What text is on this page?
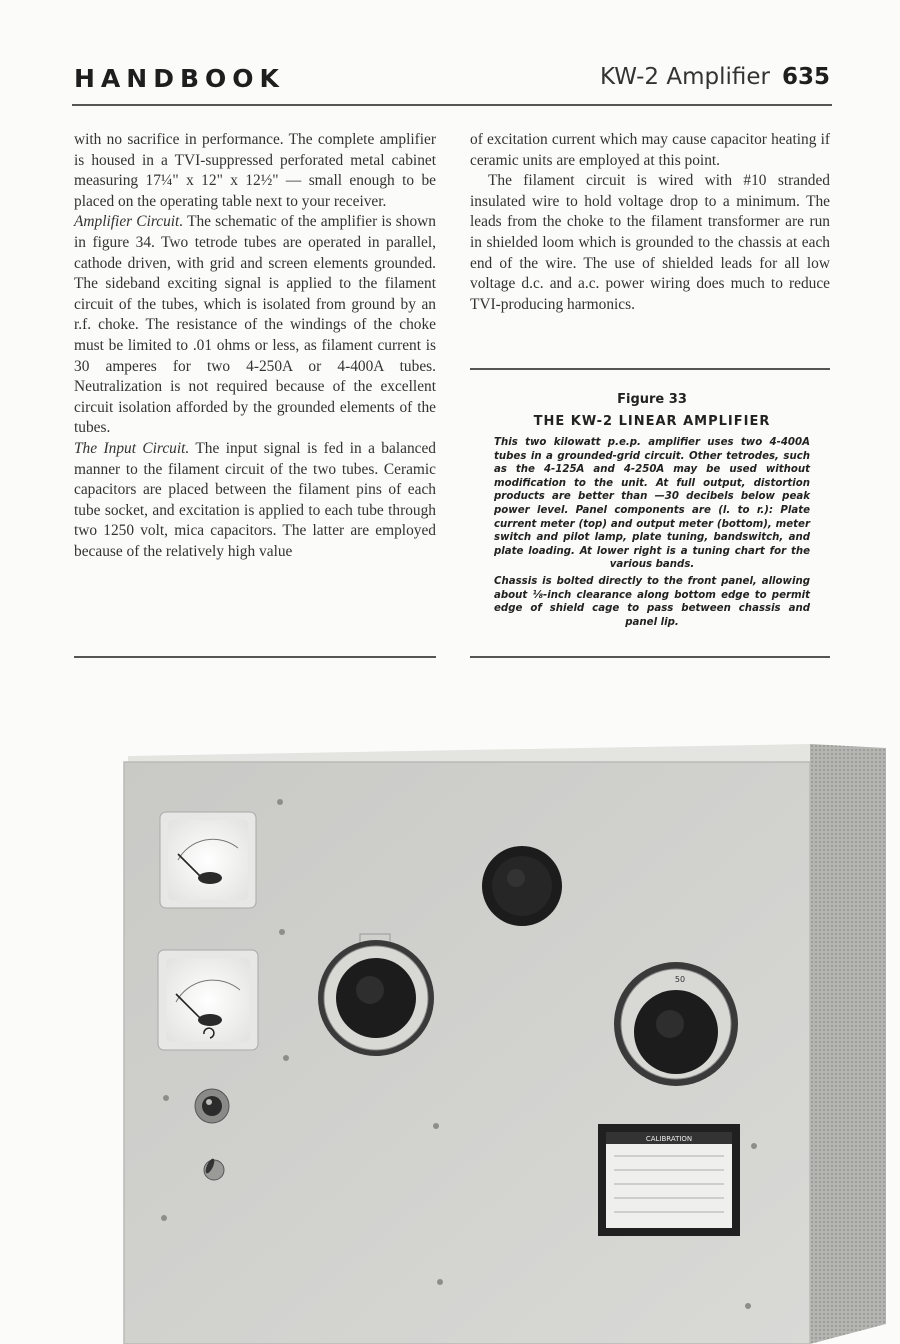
HANDBOOK	KW-2 Amplifier 635

with no sacrifice in performance. The complete amplifier is housed in a TVI-suppressed perforated metal cabinet measuring 17¼" x 12" x 12½" — small enough to be placed on the operating table next to your receiver.

Amplifier Circuit. The schematic of the amplifier is shown in figure 34. Two tetrode tubes are operated in parallel, cathode driven, with grid and screen elements grounded. The sideband exciting signal is applied to the filament circuit of the tubes, which is isolated from ground by an r.f. choke. The resistance of the windings of the choke must be limited to .01 ohms or less, as filament current is 30 amperes for two 4-250A or 4-400A tubes. Neutralization is not required because of the excellent circuit isolation afforded by the grounded elements of the tubes.

The Input Circuit. The input signal is fed in a balanced manner to the filament circuit of the two tubes. Ceramic capacitors are placed between the filament pins of each tube socket, and excitation is applied to each tube through two 1250 volt, mica capacitors. The latter are employed because of the relatively high value

of excitation current which may cause capacitor heating if ceramic units are employed at this point.

The filament circuit is wired with #10 stranded insulated wire to hold voltage drop to a minimum. The leads from the choke to the filament transformer are run in shielded loom which is grounded to the chassis at each end of the wire. The use of shielded leads for all low voltage d.c. and a.c. power wiring does much to reduce TVI-producing harmonics.

Figure 33
THE KW-2 LINEAR AMPLIFIER
This two kilowatt p.e.p. amplifier uses two 4-400A tubes in a grounded-grid circuit. Other tetrodes, such as the 4-125A and 4-250A may be used without modification to the unit. At full output, distortion products are better than —30 decibels below peak power level. Panel components are (l. to r.): Plate current meter (top) and output meter (bottom), meter switch and pilot lamp, plate tuning, bandswitch, and plate loading. At lower right is a tuning chart for the various bands.
Chassis is bolted directly to the front panel, allowing about ⅛-inch clearance along bottom edge to permit edge of shield cage to pass between chassis and panel lip.
50
CALIBRATION
